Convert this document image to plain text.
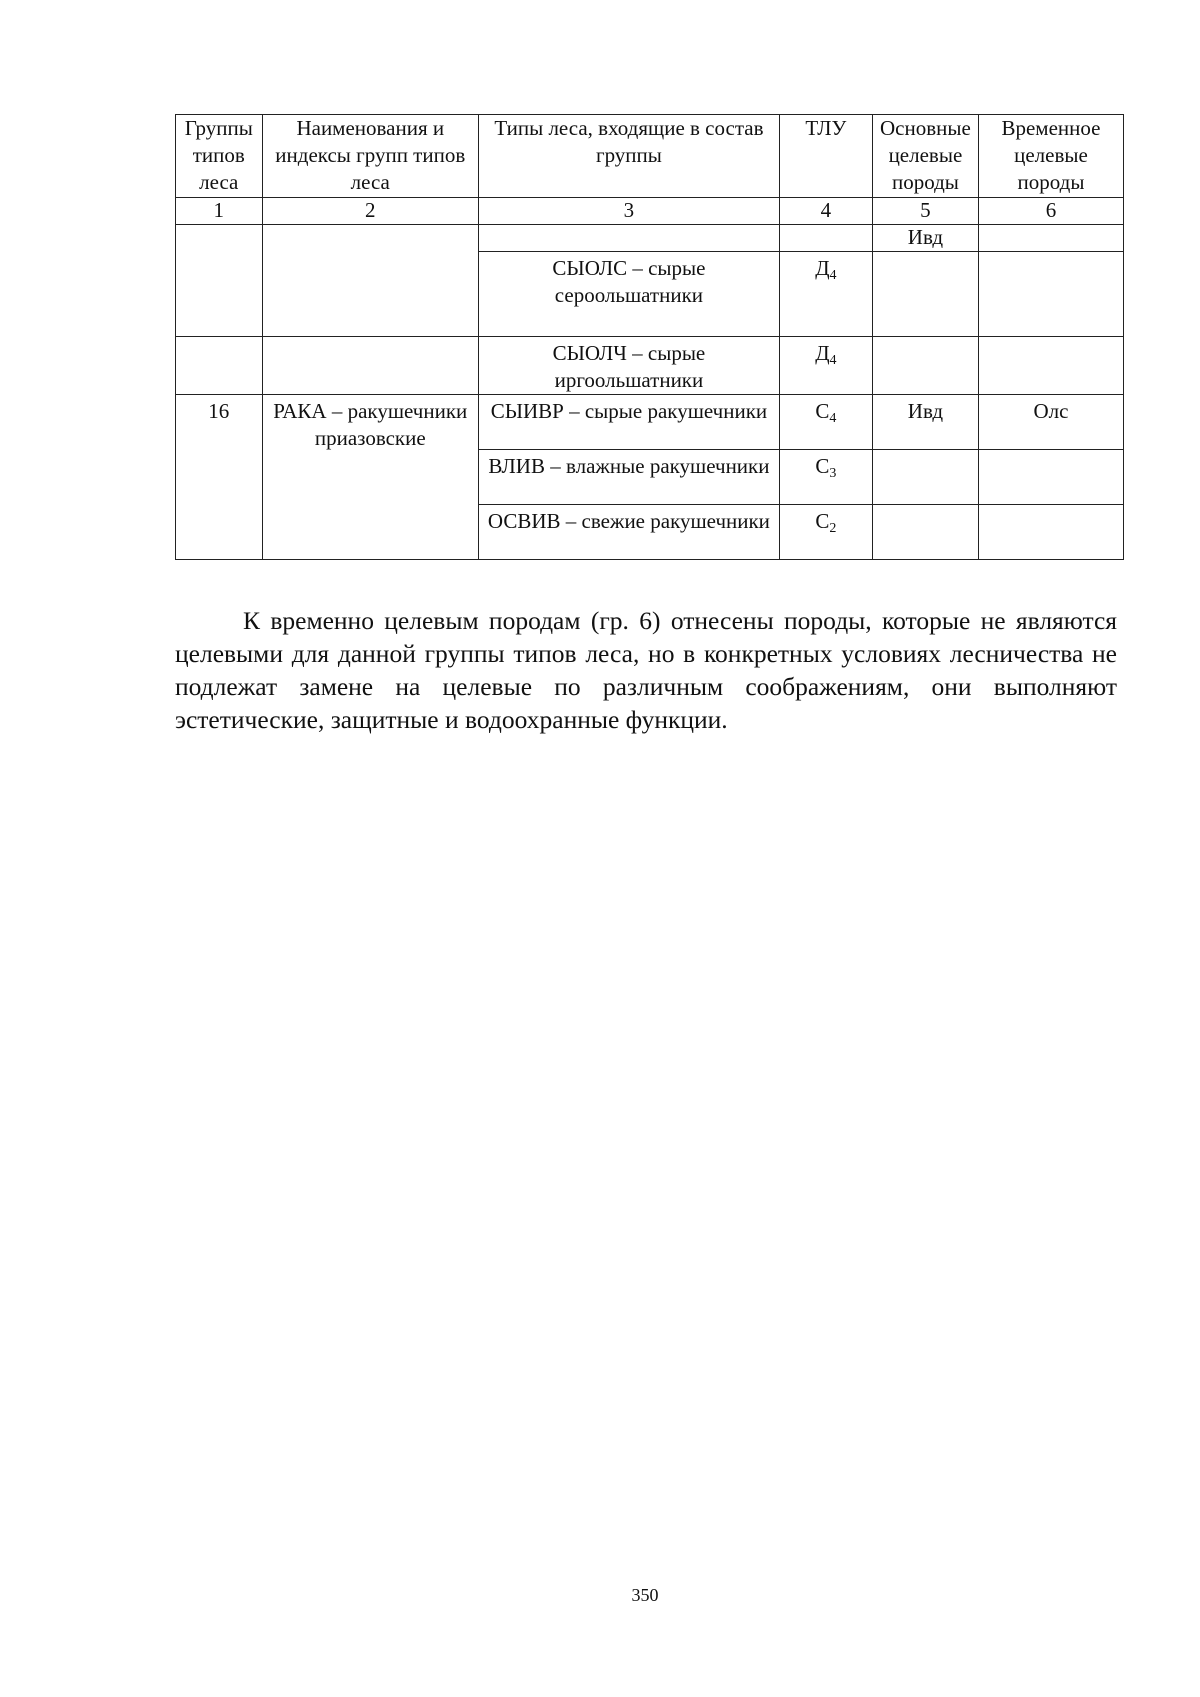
Группы типов леса	Наименования и индексы групп типов леса	Типы леса, входящие в состав группы	ТЛУ	Основные целевые породы	Временное целевые породы
1	2	3	4	5	6
				Ивд	

		СЫОЛС – сырые сероольшатники	$Д_4$

		СЫОЛЧ – сырые иргоольшатники	$Д_4$

16	РАКА – ракушечники приазовские	СЫИВР – сырые ракушечники	$С_4$	Ивд	Олс

		ВЛИВ – влажные ракушечники	$С_3$

		ОСВИВ – свежие ракушечники	$С_2$

К временно целевым породам (гр. 6) отнесены породы, которые не являются целевыми для данной группы типов леса, но в конкретных условиях лесничества не подлежат замене на целевые по различным соображениям, они выполняют эстетические, защитные и водоохранные функции.

350
